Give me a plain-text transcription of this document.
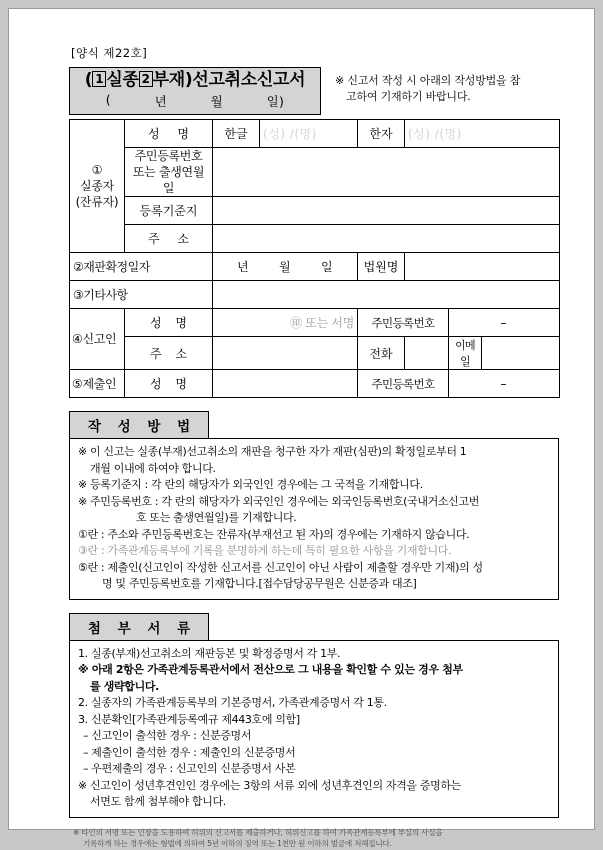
[양식 제22호]
( 1 실종 2 부재)선고취소신고서
(	년	월	일)
※ 신고서 작성 시 아래의 작성방법을 참
고하여 기재하기 바랍니다.
①
실종자
(잔류자)	성 명	한글	(성) /(명)	한자	(성) /(명)		

	주민등록번호
또는 출생연월일						

	등록기준지						
	주 소						
②재판확정일자		년 월 일		법원명			
③기타사항							
④신고인	성 명	㊞ 또는 서명		주민등록번호		–	
	주 소			전화		이메일	
⑤제출인	성 명			주민등록번호		–	
작 성 방 법

※ 이 신고는 실종(부재)선고취소의 재판을 청구한 자가 재판(심판)의 확정일로부터 1

개월 이내에 하여야 합니다.

※ 등록기준지 : 각 란의 해당자가 외국인인 경우에는 그 국적을 기재합니다.

※ 주민등록번호 : 각 란의 해당자가 외국인인 경우에는 외국인등록번호(국내거소신고번

호 또는 출생연월일)를 기재합니다.

①란 : 주소와 주민등록번호는 잔류자(부재선고 된 자)의 경우에는 기재하지 않습니다.

③란 : 가족관계등록부에 기록을 분명하게 하는데 특히 필요한 사항을 기재합니다.

⑤란 : 제출인(신고인이 작성한 신고서를 신고인이 아닌 사람이 제출할 경우만 기재)의 성

명 및 주민등록번호를 기재합니다.[접수담당공무원은 신분증과 대조]

첨 부 서 류

1. 실종(부재)선고취소의 재판등본 및 확정증명서 각 1부.

※ 아래 2항은 가족관계등록관서에서 전산으로 그 내용을 확인할 수 있는 경우 첨부

를 생략합니다.

2. 실종자의 가족관계등록부의 기본증명서, 가족관계증명서 각 1통.

3. 신분확인[가족관계등록예규 제443호에 의함]

– 신고인이 출석한 경우 : 신분증명서

– 제출인이 출석한 경우 : 제출인의 신분증명서

– 우편제출의 경우 : 신고인의 신분증명서 사본

※ 신고인이 성년후견인인 경우에는 3항의 서류 외에 성년후견인의 자격을 증명하는

서면도 함께 첨부해야 합니다.

※ 타인의 서명 또는 인장을 도용하여 허위의 신고서를 제출하거나, 허위신고를 하여 가족관계등록부에 부실의 사실을
기록하게 하는 경우에는 형법에 의하여 5년 이하의 징역 또는 1천만 원 이하의 벌금에 처해집니다.
